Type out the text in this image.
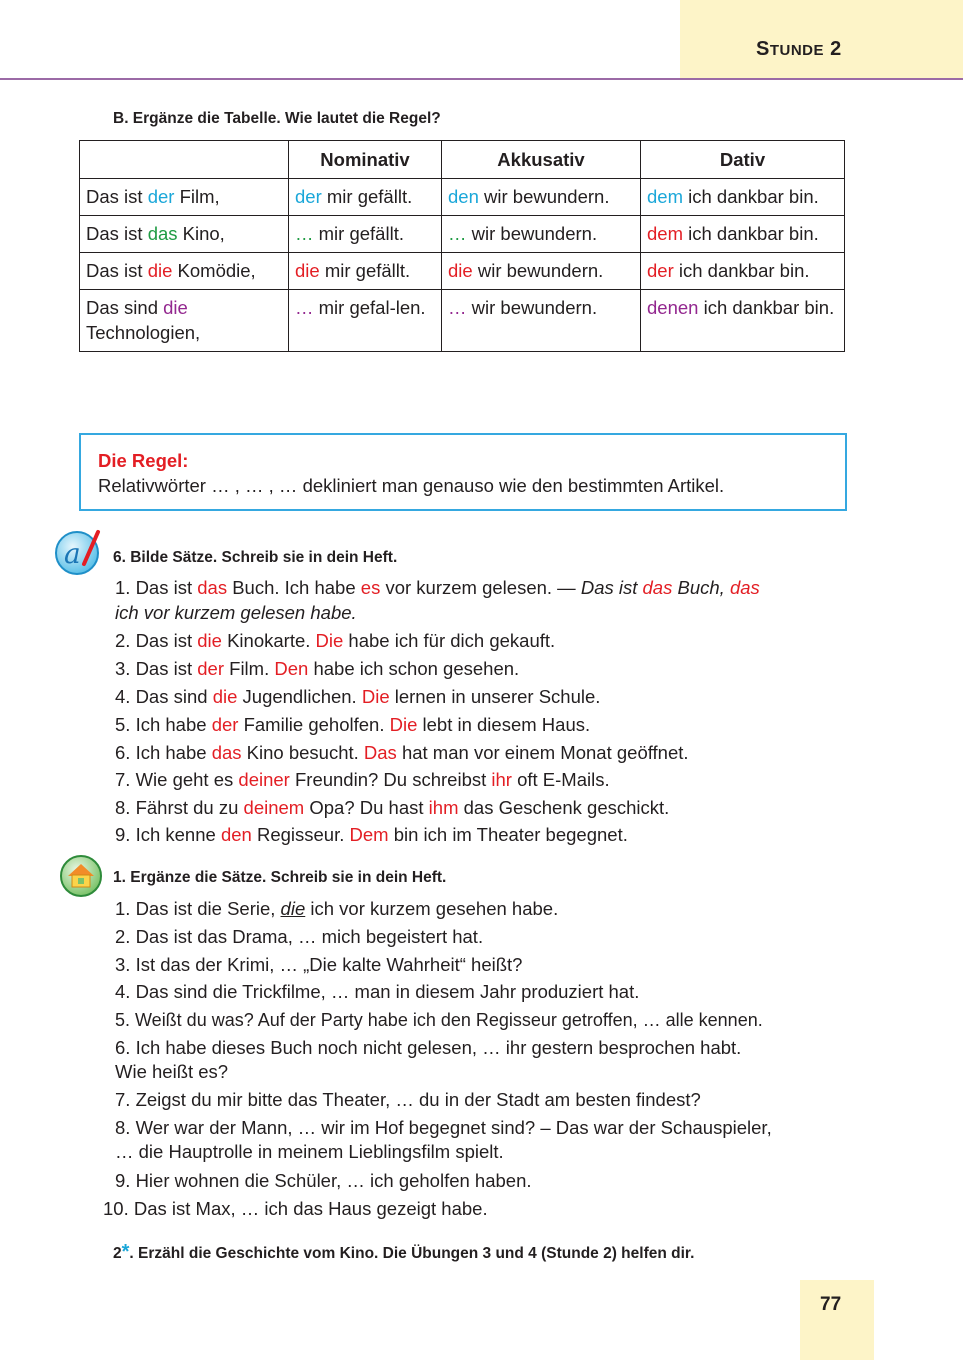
STUNDE 2
B. Ergänze die Tabelle. Wie lautet die Regel?
	Nominativ	Akkusativ	Dativ
Das ist der Film,	der mir gefällt.	den wir bewundern.	dem ich dankbar bin.
Das ist das Kino,	… mir gefällt.	… wir bewundern.	dem ich dankbar bin.
Das ist die Komödie,	die mir gefällt.	die wir bewundern.	der ich dankbar bin.
Das sind die Technologien,	… mir gefal-len.	… wir bewundern.	denen ich dankbar bin.
Die Regel:
Relativwörter … , … , … dekliniert man genauso wie den bestimmten Artikel.
a 6. Bilde Sätze. Schreib sie in dein Heft.
1. Das ist das Buch. Ich habe es vor kurzem gelesen. — Das ist das Buch, das
ich vor kurzem gelesen habe.
2. Das ist die Kinokarte. Die habe ich für dich gekauft.
3. Das ist der Film. Den habe ich schon gesehen.
4. Das sind die Jugendlichen. Die lernen in unserer Schule.
5. Ich habe der Familie geholfen. Die lebt in diesem Haus.
6. Ich habe das Kino besucht. Das hat man vor einem Monat geöffnet.
7. Wie geht es deiner Freundin? Du schreibst ihr oft E-Mails.
8. Fährst du zu deinem Opa? Du hast ihm das Geschenk geschickt.
9. Ich kenne den Regisseur. Dem bin ich im Theater begegnet.
1. Ergänze die Sätze. Schreib sie in dein Heft.
1. Das ist die Serie, die ich vor kurzem gesehen habe.
2. Das ist das Drama, … mich begeistert hat.
3. Ist das der Krimi, … „Die kalte Wahrheit“ heißt?
4. Das sind die Trickfilme, … man in diesem Jahr produziert hat.
5. Weißt du was? Auf der Party habe ich den Regisseur getroffen, … alle kennen.
6. Ich habe dieses Buch noch nicht gelesen, … ihr gestern besprochen habt.
Wie heißt es?
7. Zeigst du mir bitte das Theater, … du in der Stadt am besten findest?
8. Wer war der Mann, … wir im Hof begegnet sind? – Das war der Schauspieler,
… die Hauptrolle in meinem Lieblingsfilm spielt.
9. Hier wohnen die Schüler, … ich geholfen haben.
10. Das ist Max, … ich das Haus gezeigt habe.
2*. Erzähl die Geschichte vom Kino. Die Übungen 3 und 4 (Stunde 2) helfen dir.
77
